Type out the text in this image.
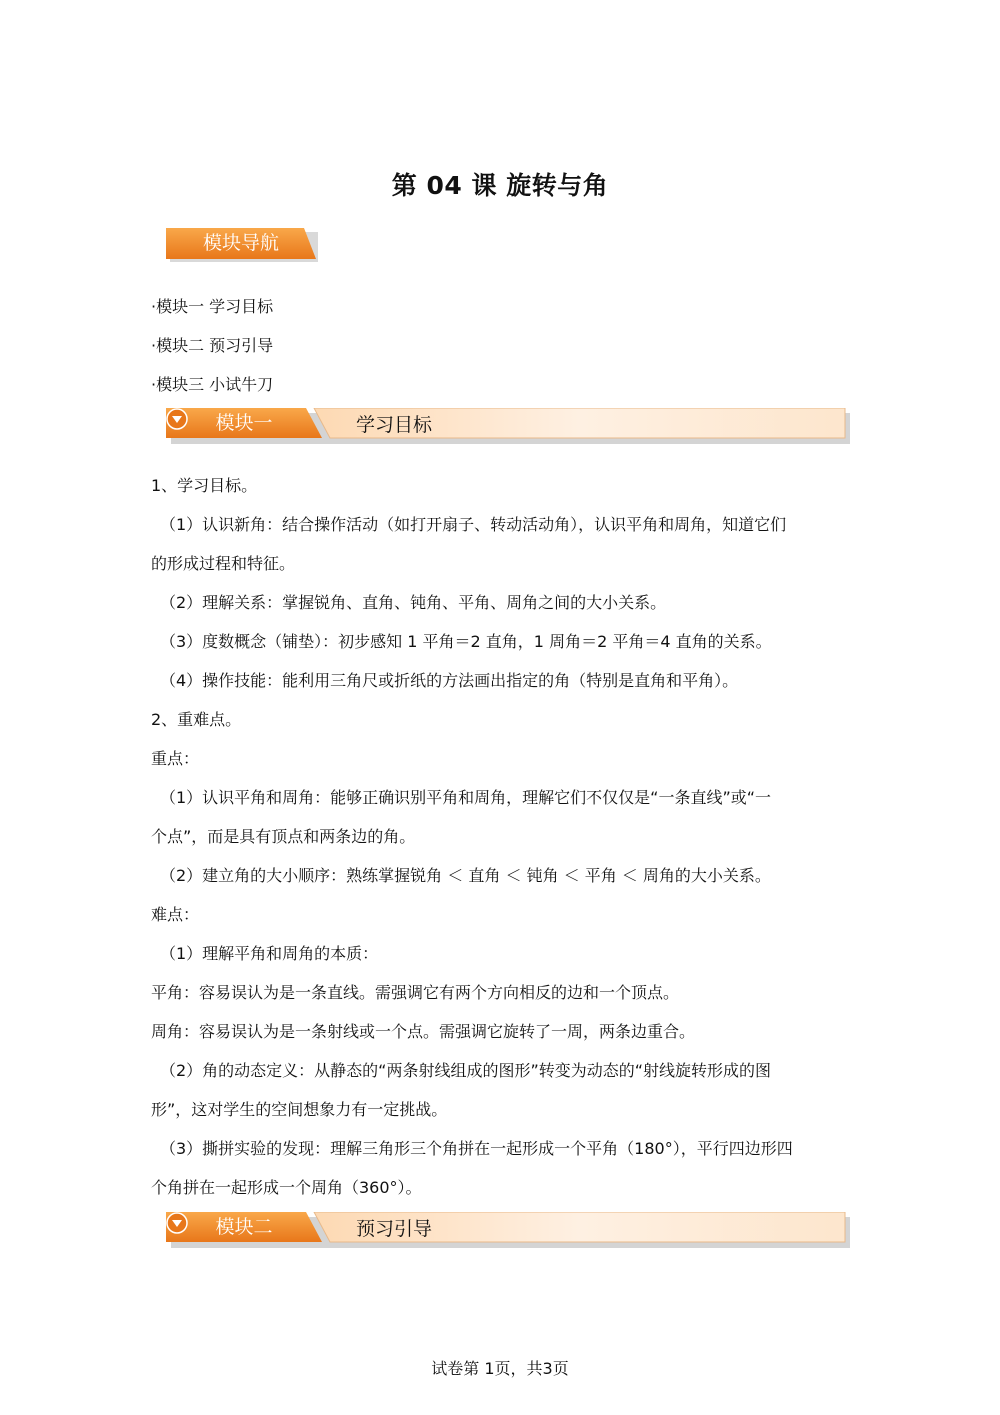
第 04 课 旋转与角
模块导航
·模块一 学习目标
·模块二 预习引导
·模块三 小试牛刀
模块一	学习目标
1、学习目标。
（1）认识新角：结合操作活动（如打开扇子、转动活动角），认识平角和周角，知道它们
的形成过程和特征。
（2）理解关系：掌握锐角、直角、钝角、平角、周角之间的大小关系。
（3）度数概念（铺垫）：初步感知 1 平角＝2 直角，1 周角＝2 平角＝4 直角的关系。
（4）操作技能：能利用三角尺或折纸的方法画出指定的角（特别是直角和平角）。
2、重难点。
重点：
（1）认识平角和周角：能够正确识别平角和周角，理解它们不仅仅是“一条直线”或“一
个点”，而是具有顶点和两条边的角。
（2）建立角的大小顺序：熟练掌握锐角 ＜ 直角 ＜ 钝角 ＜ 平角 ＜ 周角的大小关系。
难点：
（1）理解平角和周角的本质：
平角：容易误认为是一条直线。需强调它有两个方向相反的边和一个顶点。
周角：容易误认为是一条射线或一个点。需强调它旋转了一周，两条边重合。
（2）角的动态定义：从静态的“两条射线组成的图形”转变为动态的“射线旋转形成的图
形”，这对学生的空间想象力有一定挑战。
（3）撕拼实验的发现：理解三角形三个角拼在一起形成一个平角（180°），平行四边形四
个角拼在一起形成一个周角（360°）。
模块二	预习引导
试卷第 1页，共3页
